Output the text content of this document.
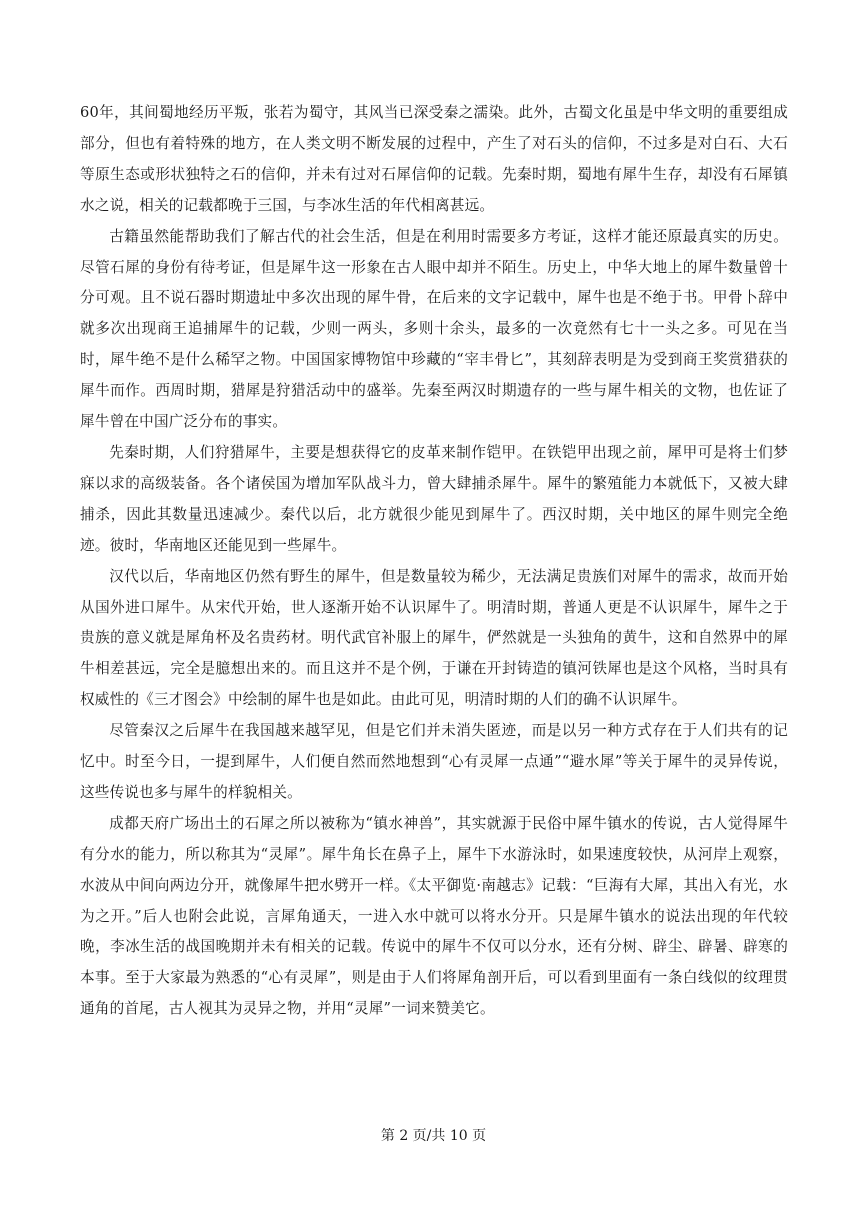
60年，其间蜀地经历平叛，张若为蜀守，其风当已深受秦之濡染。此外，古蜀文化虽是中华文明的重要组成部分，但也有着特殊的地方，在人类文明不断发展的过程中，产生了对石头的信仰，不过多是对白石、大石等原生态或形状独特之石的信仰，并未有过对石犀信仰的记载。先秦时期，蜀地有犀牛生存，却没有石犀镇水之说，相关的记载都晚于三国，与李冰生活的年代相离甚远。

古籍虽然能帮助我们了解古代的社会生活，但是在利用时需要多方考证，这样才能还原最真实的历史。尽管石犀的身份有待考证，但是犀牛这一形象在古人眼中却并不陌生。历史上，中华大地上的犀牛数量曾十分可观。且不说石器时期遗址中多次出现的犀牛骨，在后来的文字记载中，犀牛也是不绝于书。甲骨卜辞中就多次出现商王追捕犀牛的记载，少则一两头，多则十余头，最多的一次竟然有七十一头之多。可见在当时，犀牛绝不是什么稀罕之物。中国国家博物馆中珍藏的“宰丰骨匕”，其刻辞表明是为受到商王奖赏猎获的犀牛而作。西周时期，猎犀是狩猎活动中的盛举。先秦至两汉时期遗存的一些与犀牛相关的文物，也佐证了犀牛曾在中国广泛分布的事实。

先秦时期，人们狩猎犀牛，主要是想获得它的皮革来制作铠甲。在铁铠甲出现之前，犀甲可是将士们梦寐以求的高级装备。各个诸侯国为增加军队战斗力，曾大肆捕杀犀牛。犀牛的繁殖能力本就低下，又被大肆捕杀，因此其数量迅速减少。秦代以后，北方就很少能见到犀牛了。西汉时期，关中地区的犀牛则完全绝迹。彼时，华南地区还能见到一些犀牛。

汉代以后，华南地区仍然有野生的犀牛，但是数量较为稀少，无法满足贵族们对犀牛的需求，故而开始从国外进口犀牛。从宋代开始，世人逐渐开始不认识犀牛了。明清时期，普通人更是不认识犀牛，犀牛之于贵族的意义就是犀角杯及名贵药材。明代武官补服上的犀牛，俨然就是一头独角的黄牛，这和自然界中的犀牛相差甚远，完全是臆想出来的。而且这并不是个例，于谦在开封铸造的镇河铁犀也是这个风格，当时具有权威性的《三才图会》中绘制的犀牛也是如此。由此可见，明清时期的人们的确不认识犀牛。

尽管秦汉之后犀牛在我国越来越罕见，但是它们并未消失匿迹，而是以另一种方式存在于人们共有的记忆中。时至今日，一提到犀牛，人们便自然而然地想到“心有灵犀一点通”“避水犀”等关于犀牛的灵异传说，这些传说也多与犀牛的样貌相关。

成都天府广场出土的石犀之所以被称为“镇水神兽”，其实就源于民俗中犀牛镇水的传说，古人觉得犀牛有分水的能力，所以称其为“灵犀”。犀牛角长在鼻子上，犀牛下水游泳时，如果速度较快，从河岸上观察，水波从中间向两边分开，就像犀牛把水劈开一样。《太平御览·南越志》记载：“巨海有大犀，其出入有光，水为之开。”后人也附会此说，言犀角通天，一进入水中就可以将水分开。只是犀牛镇水的说法出现的年代较晚，李冰生活的战国晚期并未有相关的记载。传说中的犀牛不仅可以分水，还有分树、辟尘、辟暑、辟寒的本事。至于大家最为熟悉的“心有灵犀”，则是由于人们将犀角剖开后，可以看到里面有一条白线似的纹理贯通角的首尾，古人视其为灵异之物，并用“灵犀”一词来赞美它。

第 2 页/共 10 页
